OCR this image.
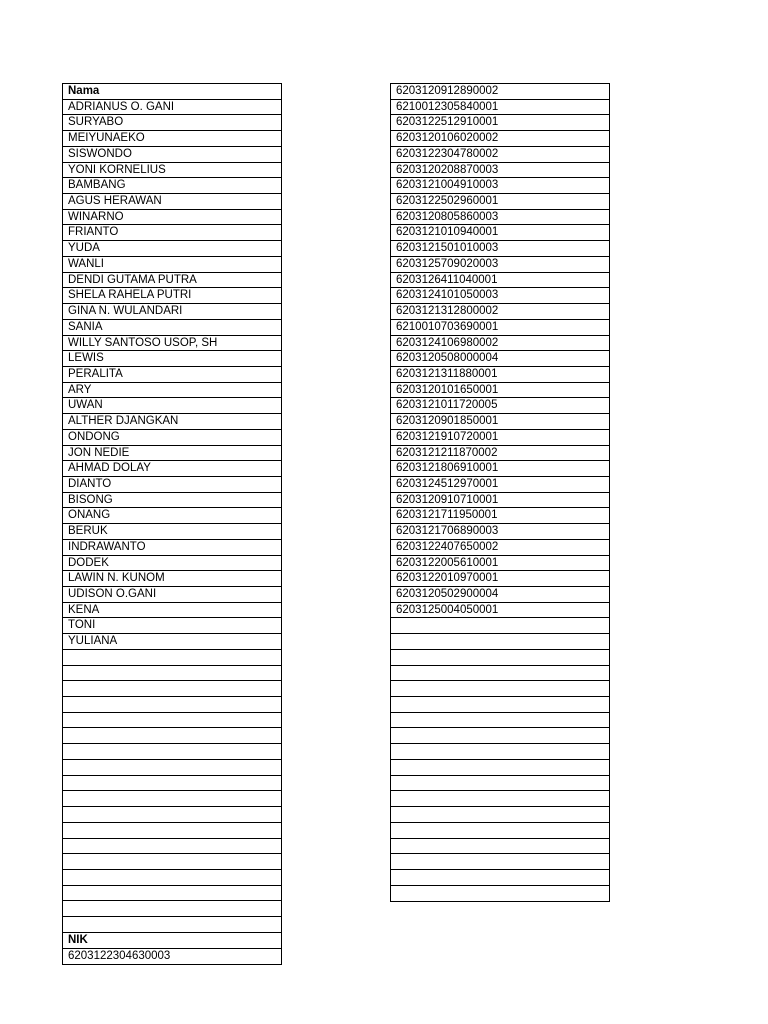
Nama
ADRIANUS O. GANI
SURYABO
MEIYUNAEKO
SISWONDO
YONI KORNELIUS
BAMBANG
AGUS HERAWAN
WINARNO
FRIANTO
YUDA
WANLI
DENDI GUTAMA PUTRA
SHELA RAHELA PUTRI
GINA N. WULANDARI
SANIA
WILLY SANTOSO USOP, SH
LEWIS
PERALITA
ARY
UWAN
ALTHER DJANGKAN
ONDONG
JON NEDIE
AHMAD DOLAY
DIANTO
BISONG
ONANG
BERUK
INDRAWANTO
DODEK
LAWIN N. KUNOM
UDISON O.GANI
KENA
TONI
YULIANA
NIK
6203122304630003
6203120912890002
6210012305840001
6203122512910001
6203120106020002
6203122304780002
6203120208870003
6203121004910003
6203122502960001
6203120805860003
6203121010940001
6203121501010003
6203125709020003
6203126411040001
6203124101050003
6203121312800002
6210010703690001
6203124106980002
6203120508000004
6203121311880001
6203120101650001
6203121011720005
6203120901850001
6203121910720001
6203121211870002
6203121806910001
6203124512970001
6203120910710001
6203121711950001
6203121706890003
6203122407650002
6203122005610001
6203122010970001
6203120502900004
6203125004050001
